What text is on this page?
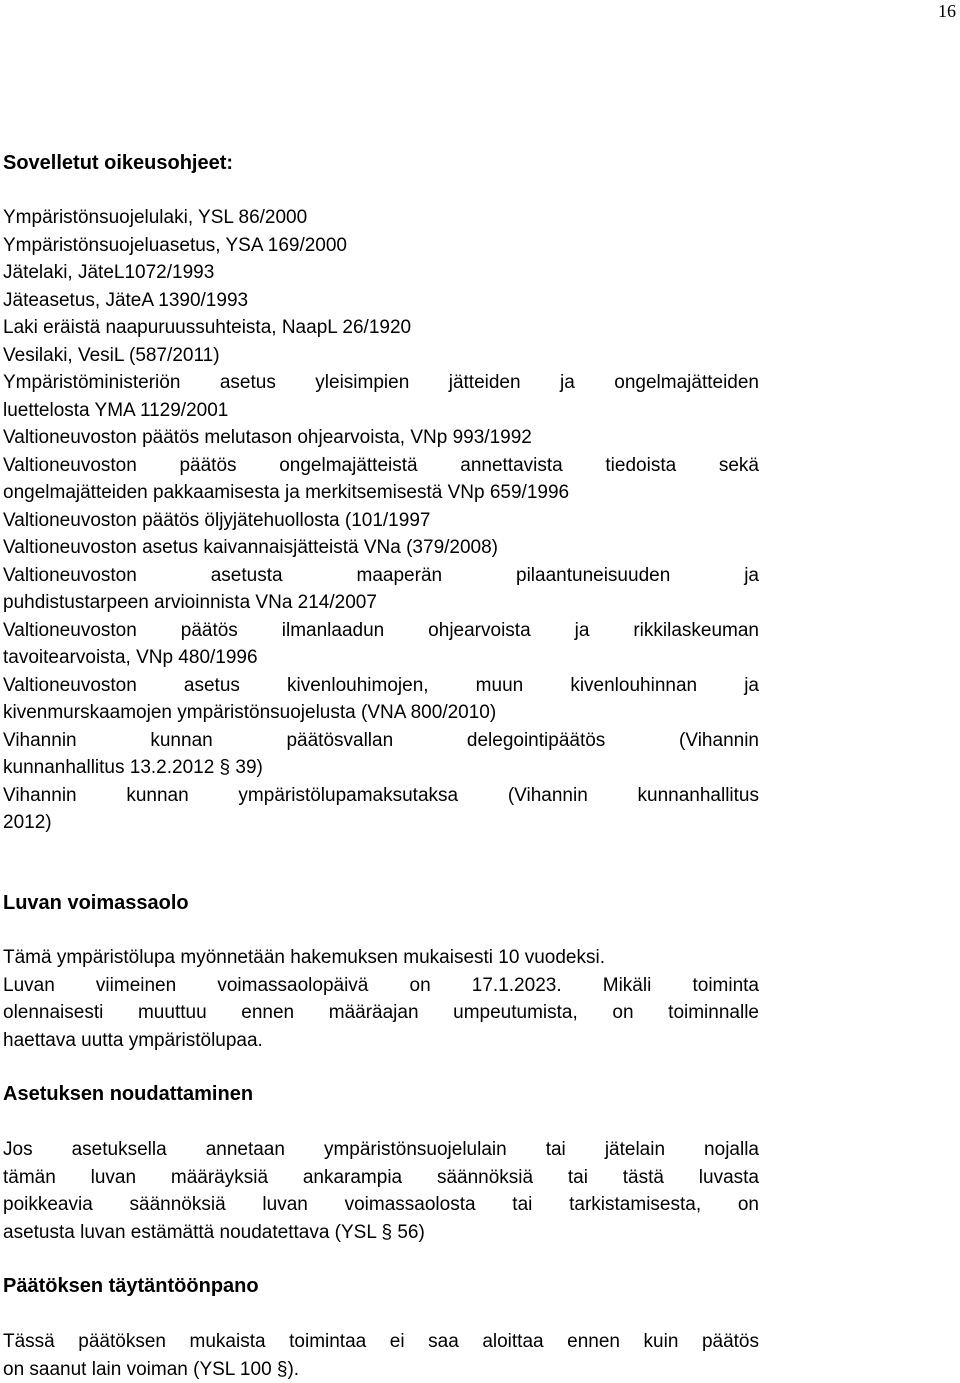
16
Sovelletut oikeusohjeet:
Ympäristönsuojelulaki, YSL 86/2000
Ympäristönsuojeluasetus, YSA 169/2000
Jätelaki, JäteL1072/1993
Jäteasetus, JäteA 1390/1993
Laki eräistä naapuruussuhteista, NaapL 26/1920
Vesilaki, VesiL (587/2011)
Ympäristöministeriön asetus yleisimpien jätteiden ja ongelmajätteiden
luettelosta YMA 1129/2001
Valtioneuvoston päätös melutason ohjearvoista, VNp 993/1992
Valtioneuvoston päätös ongelmajätteistä annettavista tiedoista sekä
ongelmajätteiden pakkaamisesta ja merkitsemisestä VNp 659/1996
Valtioneuvoston päätös öljyjätehuollosta (101/1997
Valtioneuvoston asetus kaivannaisjätteistä VNa (379/2008)
Valtioneuvoston asetusta maaperän pilaantuneisuuden ja
puhdistustarpeen arvioinnista VNa 214/2007
Valtioneuvoston päätös ilmanlaadun ohjearvoista ja rikkilaskeuman
tavoitearvoista, VNp 480/1996
Valtioneuvoston asetus kivenlouhimojen, muun kivenlouhinnan ja
kivenmurskaamojen ympäristönsuojelusta (VNA 800/2010)
Vihannin kunnan päätösvallan delegointipäätös (Vihannin
kunnanhallitus 13.2.2012 § 39)
Vihannin kunnan ympäristölupamaksutaksa (Vihannin kunnanhallitus
2012)
Luvan voimassaolo
Tämä ympäristölupa myönnetään hakemuksen mukaisesti 10 vuodeksi.
Luvan viimeinen voimassaolopäivä on 17.1.2023. Mikäli toiminta
olennaisesti muuttuu ennen määräajan umpeutumista, on toiminnalle
haettava uutta ympäristölupaa.
Asetuksen noudattaminen
Jos asetuksella annetaan ympäristönsuojelulain tai jätelain nojalla
tämän luvan määräyksiä ankarampia säännöksiä tai tästä luvasta
poikkeavia säännöksiä luvan voimassaolosta tai tarkistamisesta, on
asetusta luvan estämättä noudatettava (YSL § 56)
Päätöksen täytäntöönpano
Tässä päätöksen mukaista toimintaa ei saa aloittaa ennen kuin päätös
on saanut lain voiman (YSL 100 §).
